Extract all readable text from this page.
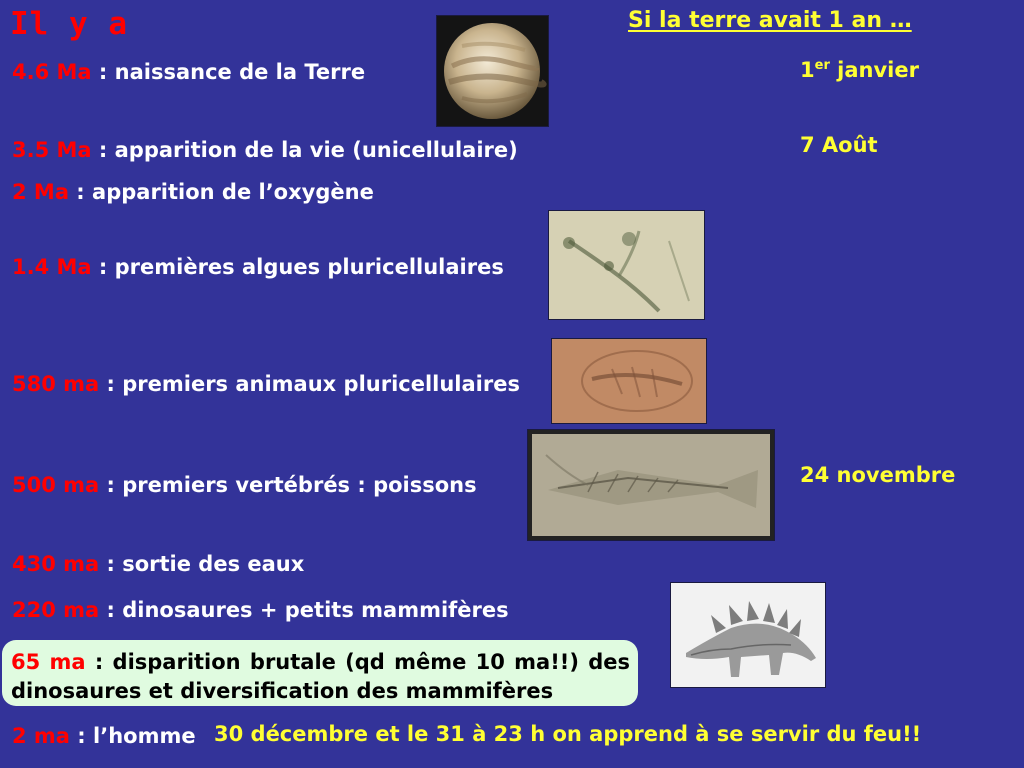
Il y a	Si la terre avait 1 an …
4.6 Ma : naissance de la Terre
3.5 Ma : apparition de la vie (unicellulaire)
2 Ma : apparition de l’oxygène
1.4 Ma : premières algues pluricellulaires
580 ma : premiers animaux pluricellulaires
500 ma : premiers vertébrés : poissons
430 ma : sortie des eaux
220 ma : dinosaures + petits mammifères
65 ma : disparition brutale (qd même 10 ma!!) des dinosaures et diversification des mammifères
2 ma : l’homme
1er janvier
7 Août
24 novembre
30 décembre et le 31 à 23 h on apprend à se servir du feu!!
